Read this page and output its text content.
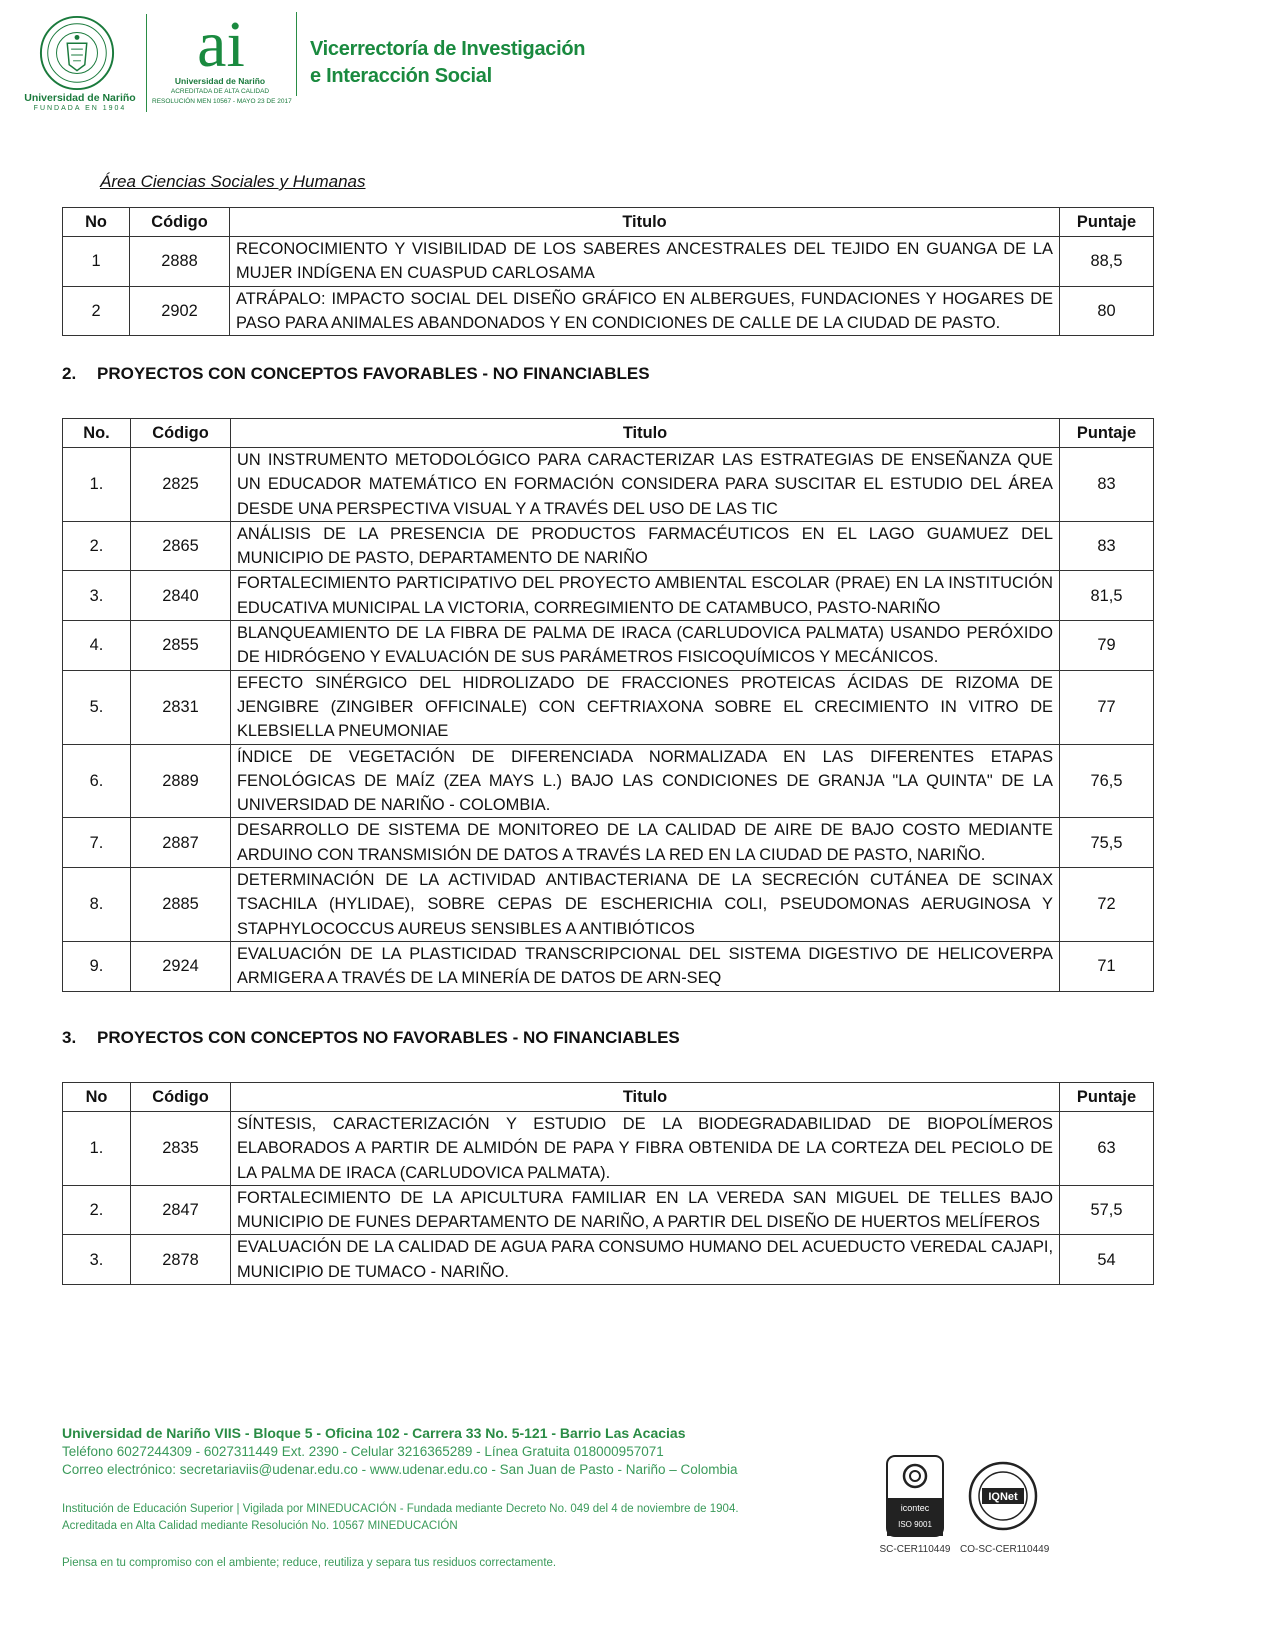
Universidad de Nariño
FUNDADA EN 1904
ai
Universidad de Nariño
ACREDITADA DE ALTA CALIDAD
RESOLUCIÓN MEN 10567 - MAYO 23 DE 2017
Vicerrectoría de Investigación
e Interacción Social
Área Ciencias Sociales y Humanas
No	Código	Titulo	Puntaje
1	2888	RECONOCIMIENTO Y VISIBILIDAD DE LOS SABERES ANCESTRALES DEL TEJIDO EN GUANGA DE LA MUJER INDÍGENA EN CUASPUD CARLOSAMA	88,5
2	2902	ATRÁPALO: IMPACTO SOCIAL DEL DISEÑO GRÁFICO EN ALBERGUES, FUNDACIONES Y HOGARES DE PASO PARA ANIMALES ABANDONADOS Y EN CONDICIONES DE CALLE DE LA CIUDAD DE PASTO.	80
2. PROYECTOS CON CONCEPTOS FAVORABLES - NO FINANCIABLES
No.	Código	Titulo	Puntaje
1.	2825	UN INSTRUMENTO METODOLÓGICO PARA CARACTERIZAR LAS ESTRATEGIAS DE ENSEÑANZA QUE UN EDUCADOR MATEMÁTICO EN FORMACIÓN CONSIDERA PARA SUSCITAR EL ESTUDIO DEL ÁREA DESDE UNA PERSPECTIVA VISUAL Y A TRAVÉS DEL USO DE LAS TIC	83
2.	2865	ANÁLISIS DE LA PRESENCIA DE PRODUCTOS FARMACÉUTICOS EN EL LAGO GUAMUEZ DEL MUNICIPIO DE PASTO, DEPARTAMENTO DE NARIÑO	83
3.	2840	FORTALECIMIENTO PARTICIPATIVO DEL PROYECTO AMBIENTAL ESCOLAR (PRAE) EN LA INSTITUCIÓN EDUCATIVA MUNICIPAL LA VICTORIA, CORREGIMIENTO DE CATAMBUCO, PASTO-NARIÑO	81,5
4.	2855	BLANQUEAMIENTO DE LA FIBRA DE PALMA DE IRACA (CARLUDOVICA PALMATA) USANDO PERÓXIDO DE HIDRÓGENO Y EVALUACIÓN DE SUS PARÁMETROS FISICOQUÍMICOS Y MECÁNICOS.	79
5.	2831	EFECTO SINÉRGICO DEL HIDROLIZADO DE FRACCIONES PROTEICAS ÁCIDAS DE RIZOMA DE JENGIBRE (ZINGIBER OFFICINALE) CON CEFTRIAXONA SOBRE EL CRECIMIENTO IN VITRO DE KLEBSIELLA PNEUMONIAE	77
6.	2889	ÍNDICE DE VEGETACIÓN DE DIFERENCIADA NORMALIZADA EN LAS DIFERENTES ETAPAS FENOLÓGICAS DE MAÍZ (ZEA MAYS L.) BAJO LAS CONDICIONES DE GRANJA "LA QUINTA" DE LA UNIVERSIDAD DE NARIÑO - COLOMBIA.	76,5
7.	2887	DESARROLLO DE SISTEMA DE MONITOREO DE LA CALIDAD DE AIRE DE BAJO COSTO MEDIANTE ARDUINO CON TRANSMISIÓN DE DATOS A TRAVÉS LA RED EN LA CIUDAD DE PASTO, NARIÑO.	75,5
8.	2885	DETERMINACIÓN DE LA ACTIVIDAD ANTIBACTERIANA DE LA SECRECIÓN CUTÁNEA DE SCINAX TSACHILA (HYLIDAE), SOBRE CEPAS DE ESCHERICHIA COLI, PSEUDOMONAS AERUGINOSA Y STAPHYLOCOCCUS AUREUS SENSIBLES A ANTIBIÓTICOS	72
9.	2924	EVALUACIÓN DE LA PLASTICIDAD TRANSCRIPCIONAL DEL SISTEMA DIGESTIVO DE HELICOVERPA ARMIGERA A TRAVÉS DE LA MINERÍA DE DATOS DE ARN-SEQ	71
3. PROYECTOS CON CONCEPTOS NO FAVORABLES - NO FINANCIABLES
No	Código	Titulo	Puntaje
1.	2835	SÍNTESIS, CARACTERIZACIÓN Y ESTUDIO DE LA BIODEGRADABILIDAD DE BIOPOLÍMEROS ELABORADOS A PARTIR DE ALMIDÓN DE PAPA Y FIBRA OBTENIDA DE LA CORTEZA DEL PECIOLO DE LA PALMA DE IRACA (CARLUDOVICA PALMATA).	63
2.	2847	FORTALECIMIENTO DE LA APICULTURA FAMILIAR EN LA VEREDA SAN MIGUEL DE TELLES BAJO MUNICIPIO DE FUNES DEPARTAMENTO DE NARIÑO, A PARTIR DEL DISEÑO DE HUERTOS MELÍFEROS	57,5
3.	2878	EVALUACIÓN DE LA CALIDAD DE AGUA PARA CONSUMO HUMANO DEL ACUEDUCTO VEREDAL CAJAPI, MUNICIPIO DE TUMACO - NARIÑO.	54
Universidad de Nariño VIIS - Bloque 5 - Oficina 102 - Carrera 33 No. 5-121 - Barrio Las Acacias
Teléfono 6027244309 - 6027311449 Ext. 2390 - Celular 3216365289 - Línea Gratuita 018000957071
Correo electrónico: secretariaviis@udenar.edu.co - www.udenar.edu.co - San Juan de Pasto - Nariño – Colombia
Institución de Educación Superior | Vigilada por MINEDUCACIÓN - Fundada mediante Decreto No. 049 del 4 de noviembre de 1904.
Acreditada en Alta Calidad mediante Resolución No. 10567 MINEDUCACIÓN
Piensa en tu compromiso con el ambiente; reduce, reutiliza y separa tus residuos correctamente.
icontec
ISO 9001
SC-CER110449
IQNet
CO-SC-CER110449
